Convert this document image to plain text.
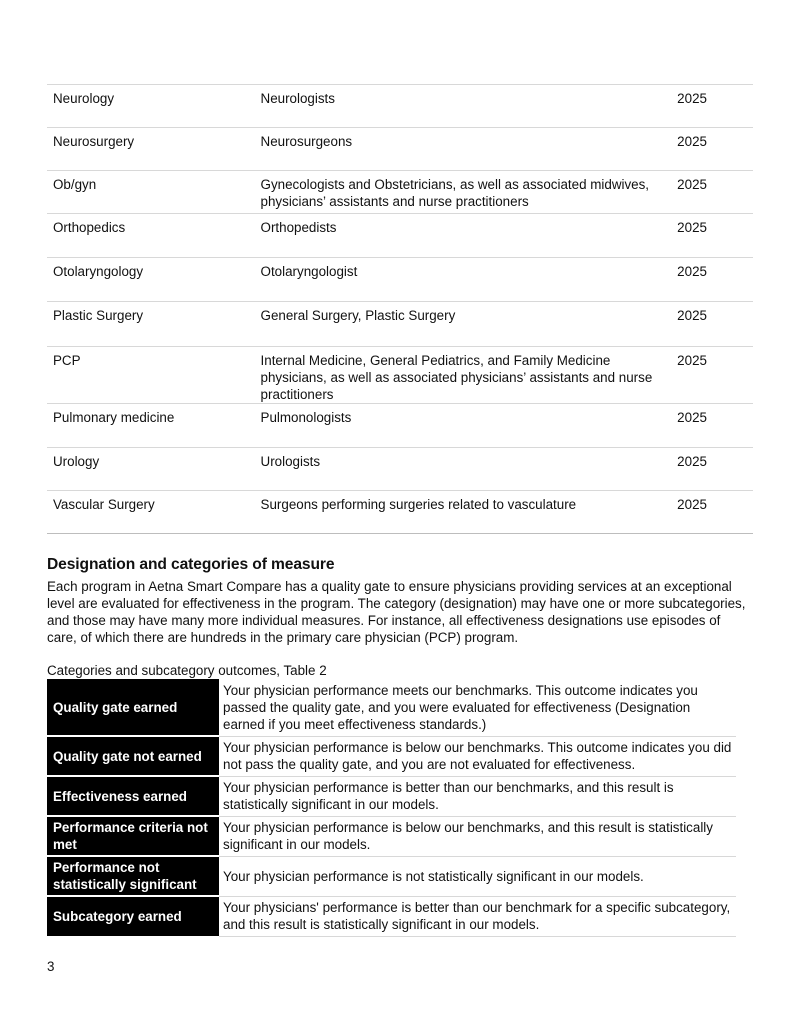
Neurology	Neurologists	2025
Neurosurgery	Neurosurgeons	2025
Ob/gyn	Gynecologists and Obstetricians, as well as associated midwives, physicians’ assistants and nurse practitioners	2025
Orthopedics	Orthopedists	2025
Otolaryngology	Otolaryngologist	2025
Plastic Surgery	General Surgery, Plastic Surgery	2025
PCP	Internal Medicine, General Pediatrics, and Family Medicine physicians, as well as associated physicians’ assistants and nurse practitioners	2025
Pulmonary medicine	Pulmonologists	2025
Urology	Urologists	2025
Vascular Surgery	Surgeons performing surgeries related to vasculature	2025
Designation and categories of measure

Each program in Aetna Smart Compare has a quality gate to ensure physicians providing services at an exceptional level are evaluated for effectiveness in the program. The category (designation) may have one or more subcategories, and those may have many more individual measures. For instance, all effectiveness designations use episodes of care, of which there are hundreds in the primary care physician (PCP) program.

Categories and subcategory outcomes, Table 2

Quality gate earned	Your physician performance meets our benchmarks. This outcome indicates you passed the quality gate, and you were evaluated for effectiveness (Designation earned if you meet effectiveness standards.)
Quality gate not earned	Your physician performance is below our benchmarks. This outcome indicates you did not pass the quality gate, and you are not evaluated for effectiveness.
Effectiveness earned	Your physician performance is better than our benchmarks, and this result is statistically significant in our models.
Performance criteria not met	Your physician performance is below our benchmarks, and this result is statistically significant in our models.
Performance not statistically significant	Your physician performance is not statistically significant in our models.
Subcategory earned	Your physicians' performance is better than our benchmark for a specific subcategory, and this result is statistically significant in our models.

3
